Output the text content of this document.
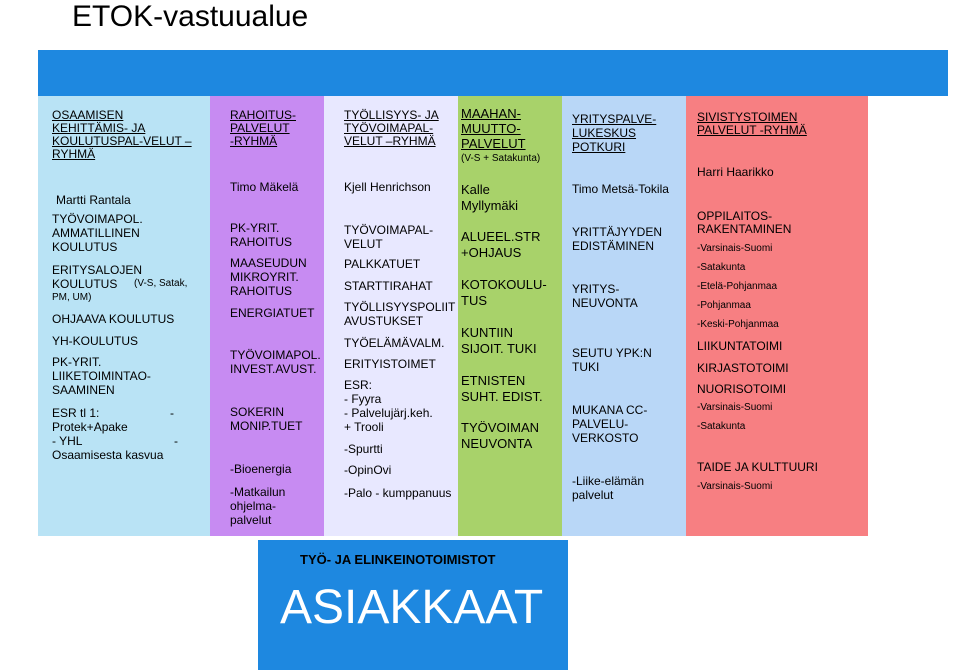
ETOK-vastuualue TYÖLLISYYS, YRITTÄJYYS JA SIVISTYS YKSIKKÖ / Kimmo Puolitaival
OSAAMISEN
KEHITTÄMIS- JA
KOULUTUSPAL-VELUT –
RYHMÄ
Martti Rantala
TYÖVOIMAPOL.
AMMATILLINEN
KOULUTUS
ERITYSALOJEN
KOULUTUS (V-S, Satak,
PM, UM)
OHJAAVA KOULUTUS
YH-KOULUTUS
PK-YRIT.
LIIKETOIMINTAO-
SAAMINEN
ESR tl 1:	-
Protek+Apake
- YHL	-
Osaamisesta kasvua
RAHOITUS-
PALVELUT
-RYHMÄ
Timo Mäkelä
PK-YRIT.
RAHOITUS
MAASEUDUN
MIKROYRIT.
RAHOITUS
ENERGIATUET
TYÖVOIMAPOL.
INVEST.AVUST.
SOKERIN
MONIP.TUET
-Bioenergia
-Matkailun
ohjelma-
palvelut
TYÖLLISYYS- JA
TYÖVOIMAPAL-
VELUT –RYHMÄ
Kjell Henrichson
TYÖVOIMAPAL-
VELUT
PALKKATUET
STARTTIRAHAT
TYÖLLISYYSPOLIIT
AVUSTUKSET
TYÖELÄMÄVALM.
ERITYISTOIMET
ESR:
- Fyyra
- Palvelujärj.keh.
+ Trooli
-Spurtti
-OpinOvi
-Palo - kumppanuus
MAAHAN-
MUUTTO-
PALVELUT
(V-S + Satakunta)
Kalle
Myllymäki
ALUEEL.STR
+OHJAUS
KOTOKOULU-
TUS
KUNTIIN
SIJOIT. TUKI
ETNISTEN
SUHT. EDIST.
TYÖVOIMAN
NEUVONTA
YRITYSPALVE-
LUKESKUS
POTKURI
Timo Metsä-Tokila
YRITTÄJYYDEN
EDISTÄMINEN
YRITYS-
NEUVONTA
SEUTU YPK:N
TUKI
MUKANA CC-
PALVELU-
VERKOSTO
-Liike-elämän
palvelut
SIVISTYSTOIMEN
PALVELUT -RYHMÄ
Harri Haarikko
OPPILAITOS-
RAKENTAMINEN
-Varsinais-Suomi
-Satakunta
-Etelä-Pohjanmaa
-Pohjanmaa
-Keski-Pohjanmaa
LIIKUNTATOIMI
KIRJASTOTOIMI
NUORISOTOIMI
-Varsinais-Suomi
-Satakunta
TAIDE JA KULTTUURI
-Varsinais-Suomi
TYÖ- JA ELINKEINOTOIMISTOT
ASIAKKAAT
